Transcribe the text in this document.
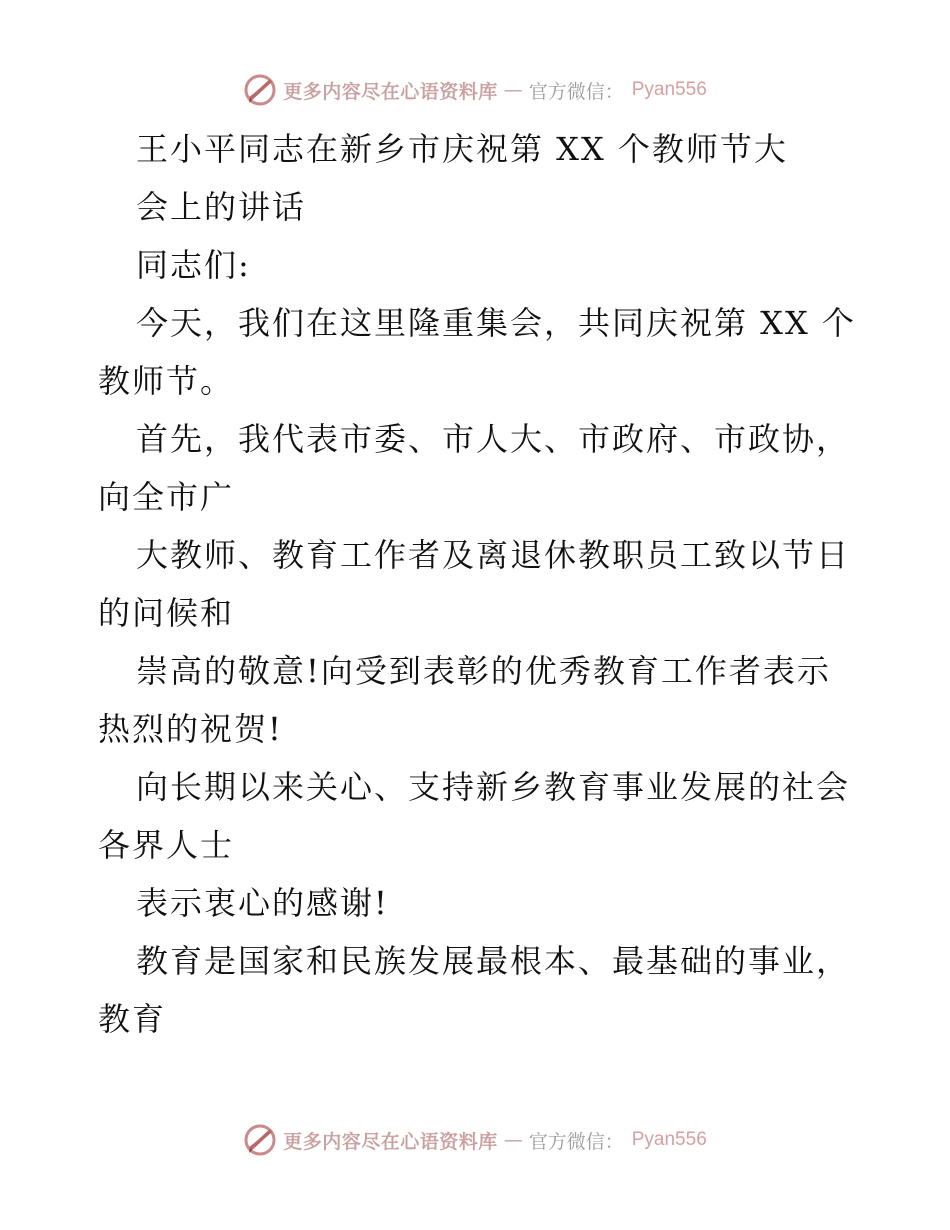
更多内容尽在心语资料库 — 官方微信： Pyan556
王小平同志在新乡市庆祝第 XX 个教师节大
会上的讲话
同志们:
今天，我们在这里隆重集会，共同庆祝第 XX 个
教师节。
首先，我代表市委、市人大、市政府、市政协，
向全市广
大教师、教育工作者及离退休教职员工致以节日
的问候和
崇高的敬意!向受到表彰的优秀教育工作者表示
热烈的祝贺!
向长期以来关心、支持新乡教育事业发展的社会
各界人士
表示衷心的感谢!
教育是国家和民族发展最根本、最基础的事业，
教育
更多内容尽在心语资料库 — 官方微信： Pyan556
